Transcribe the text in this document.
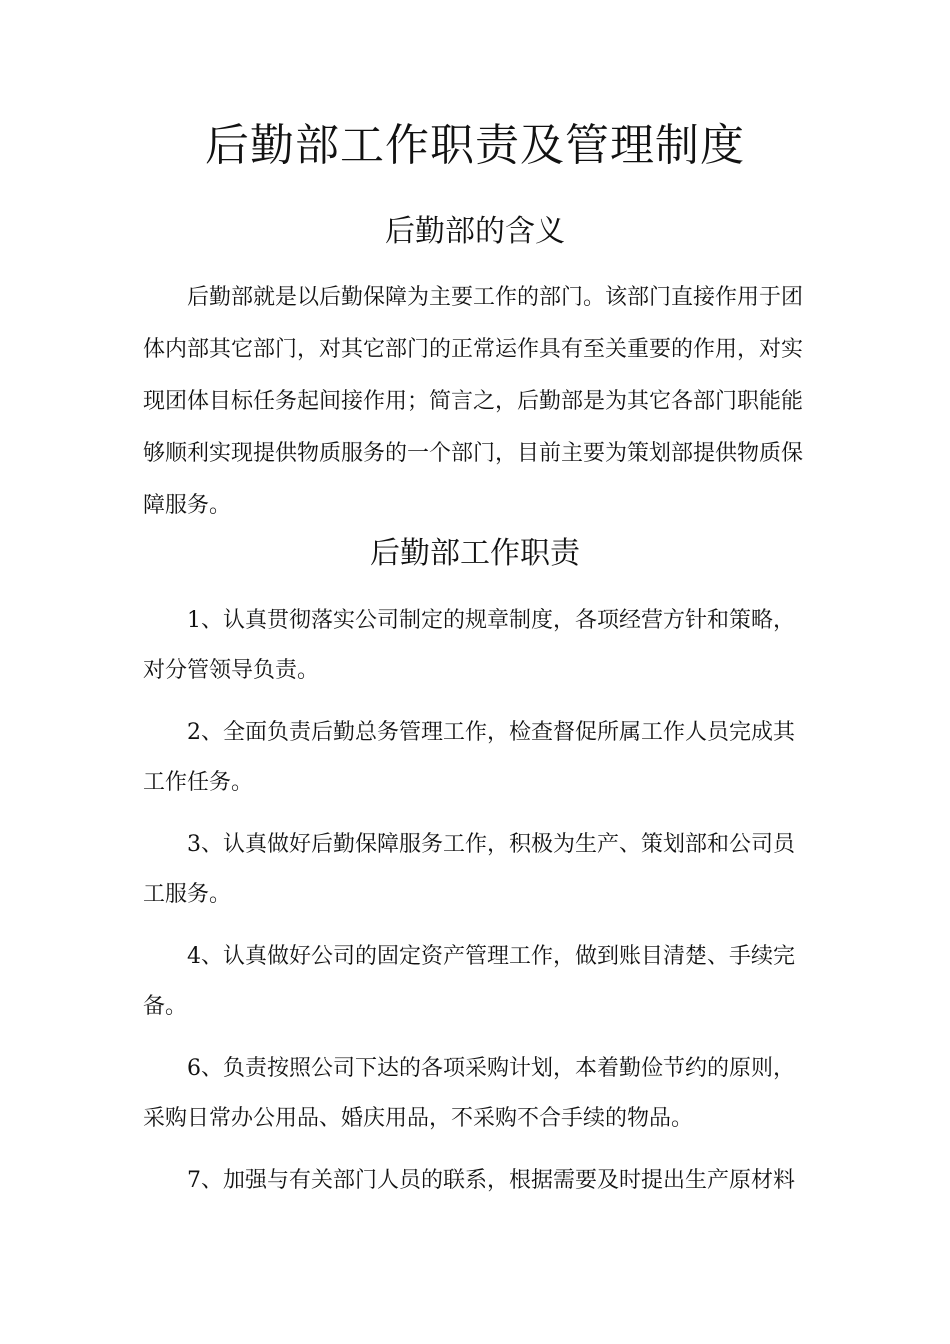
后勤部工作职责及管理制度
后勤部的含义
后勤部就是以后勤保障为主要工作的部门。该部门直接作用于团
体内部其它部门，对其它部门的正常运作具有至关重要的作用，对实
现团体目标任务起间接作用；简言之，后勤部是为其它各部门职能能
够顺利实现提供物质服务的一个部门，目前主要为策划部提供物质保
障服务。
后勤部工作职责
1、认真贯彻落实公司制定的规章制度，各项经营方针和策略，
对分管领导负责。
2、全面负责后勤总务管理工作，检查督促所属工作人员完成其
工作任务。
3、认真做好后勤保障服务工作，积极为生产、策划部和公司员
工服务。
4、认真做好公司的固定资产管理工作，做到账目清楚、手续完
备。
6、负责按照公司下达的各项采购计划，本着勤俭节约的原则，
采购日常办公用品、婚庆用品，不采购不合手续的物品。
7、加强与有关部门人员的联系，根据需要及时提出生产原材料
